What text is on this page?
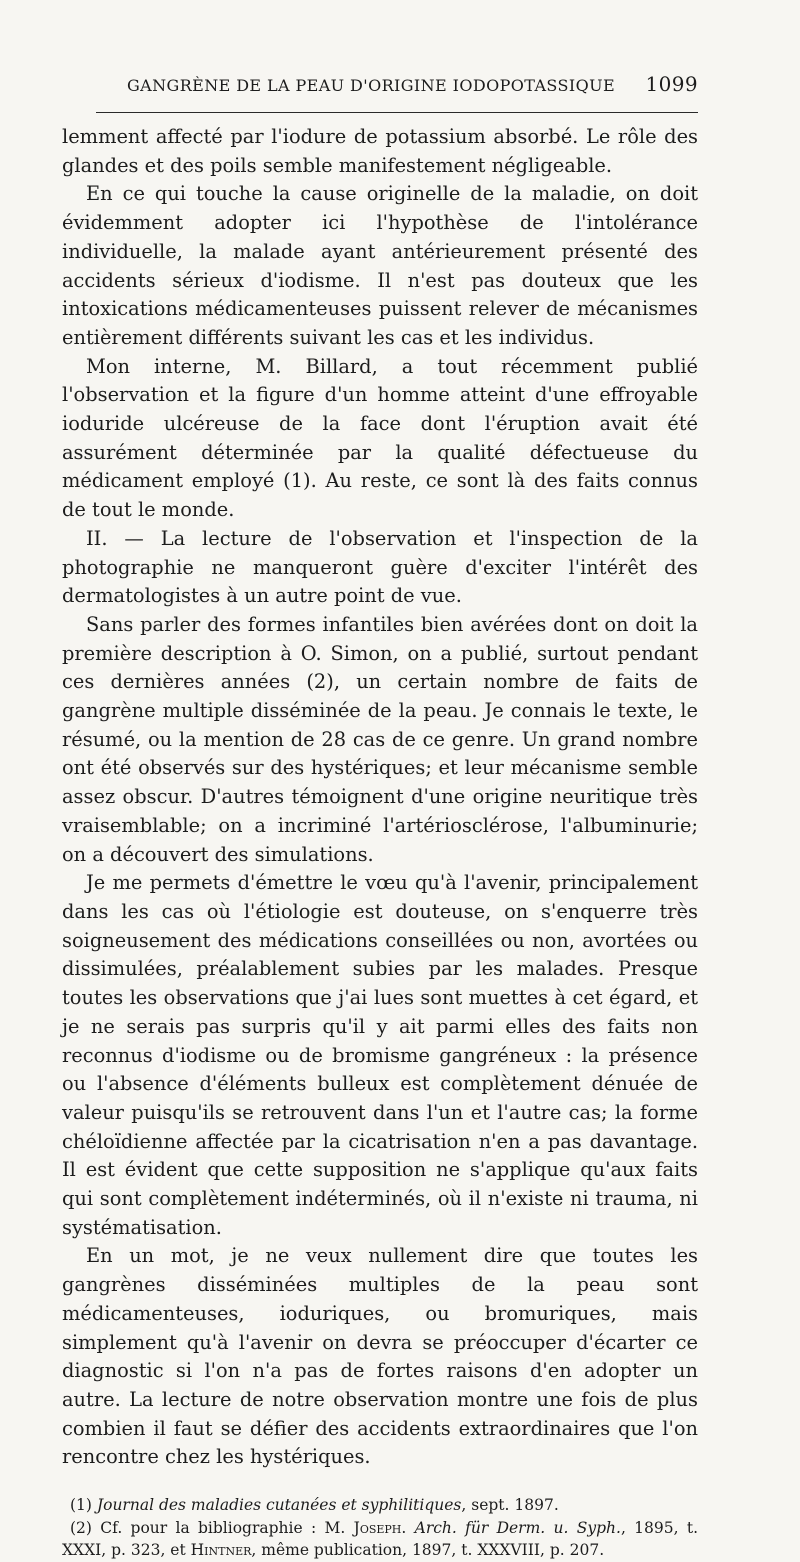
GANGRÈNE DE LA PEAU D'ORIGINE IODOPOTASSIQUE 1099

lemment affecté par l'iodure de potassium absorbé. Le rôle des glandes et des poils semble manifestement négligeable.

En ce qui touche la cause originelle de la maladie, on doit évidemment adopter ici l'hypothèse de l'intolérance individuelle, la malade ayant antérieurement présenté des accidents sérieux d'iodisme. Il n'est pas douteux que les intoxications médicamenteuses puissent relever de mécanismes entièrement différents suivant les cas et les individus.

Mon interne, M. Billard, a tout récemment publié l'observation et la figure d'un homme atteint d'une effroyable ioduride ulcéreuse de la face dont l'éruption avait été assurément déterminée par la qualité défectueuse du médicament employé (1). Au reste, ce sont là des faits connus de tout le monde.

II. — La lecture de l'observation et l'inspection de la photographie ne manqueront guère d'exciter l'intérêt des dermatologistes à un autre point de vue.

Sans parler des formes infantiles bien avérées dont on doit la première description à O. Simon, on a publié, surtout pendant ces dernières années (2), un certain nombre de faits de gangrène multiple disséminée de la peau. Je connais le texte, le résumé, ou la mention de 28 cas de ce genre. Un grand nombre ont été observés sur des hystériques; et leur mécanisme semble assez obscur. D'autres témoignent d'une origine neuritique très vraisemblable; on a incriminé l'artériosclérose, l'albuminurie; on a découvert des simulations.

Je me permets d'émettre le vœu qu'à l'avenir, principalement dans les cas où l'étiologie est douteuse, on s'enquerre très soigneusement des médications conseillées ou non, avortées ou dissimulées, préalablement subies par les malades. Presque toutes les observations que j'ai lues sont muettes à cet égard, et je ne serais pas surpris qu'il y ait parmi elles des faits non reconnus d'iodisme ou de bromisme gangréneux : la présence ou l'absence d'éléments bulleux est complètement dénuée de valeur puisqu'ils se retrouvent dans l'un et l'autre cas; la forme chéloïdienne affectée par la cicatrisation n'en a pas davantage. Il est évident que cette supposition ne s'applique qu'aux faits qui sont complètement indéterminés, où il n'existe ni trauma, ni systématisation.

En un mot, je ne veux nullement dire que toutes les gangrènes disséminées multiples de la peau sont médicamenteuses, ioduriques, ou bromuriques, mais simplement qu'à l'avenir on devra se préoccuper d'écarter ce diagnostic si l'on n'a pas de fortes raisons d'en adopter un autre. La lecture de notre observation montre une fois de plus combien il faut se défier des accidents extraordinaires que l'on rencontre chez les hystériques.

(1) Journal des maladies cutanées et syphilitiques, sept. 1897.

(2) Cf. pour la bibliographie : M. Joseph. Arch. für Derm. u. Syph., 1895, t. XXXI, p. 323, et Hintner, même publication, 1897, t. XXXVIII, p. 207.
